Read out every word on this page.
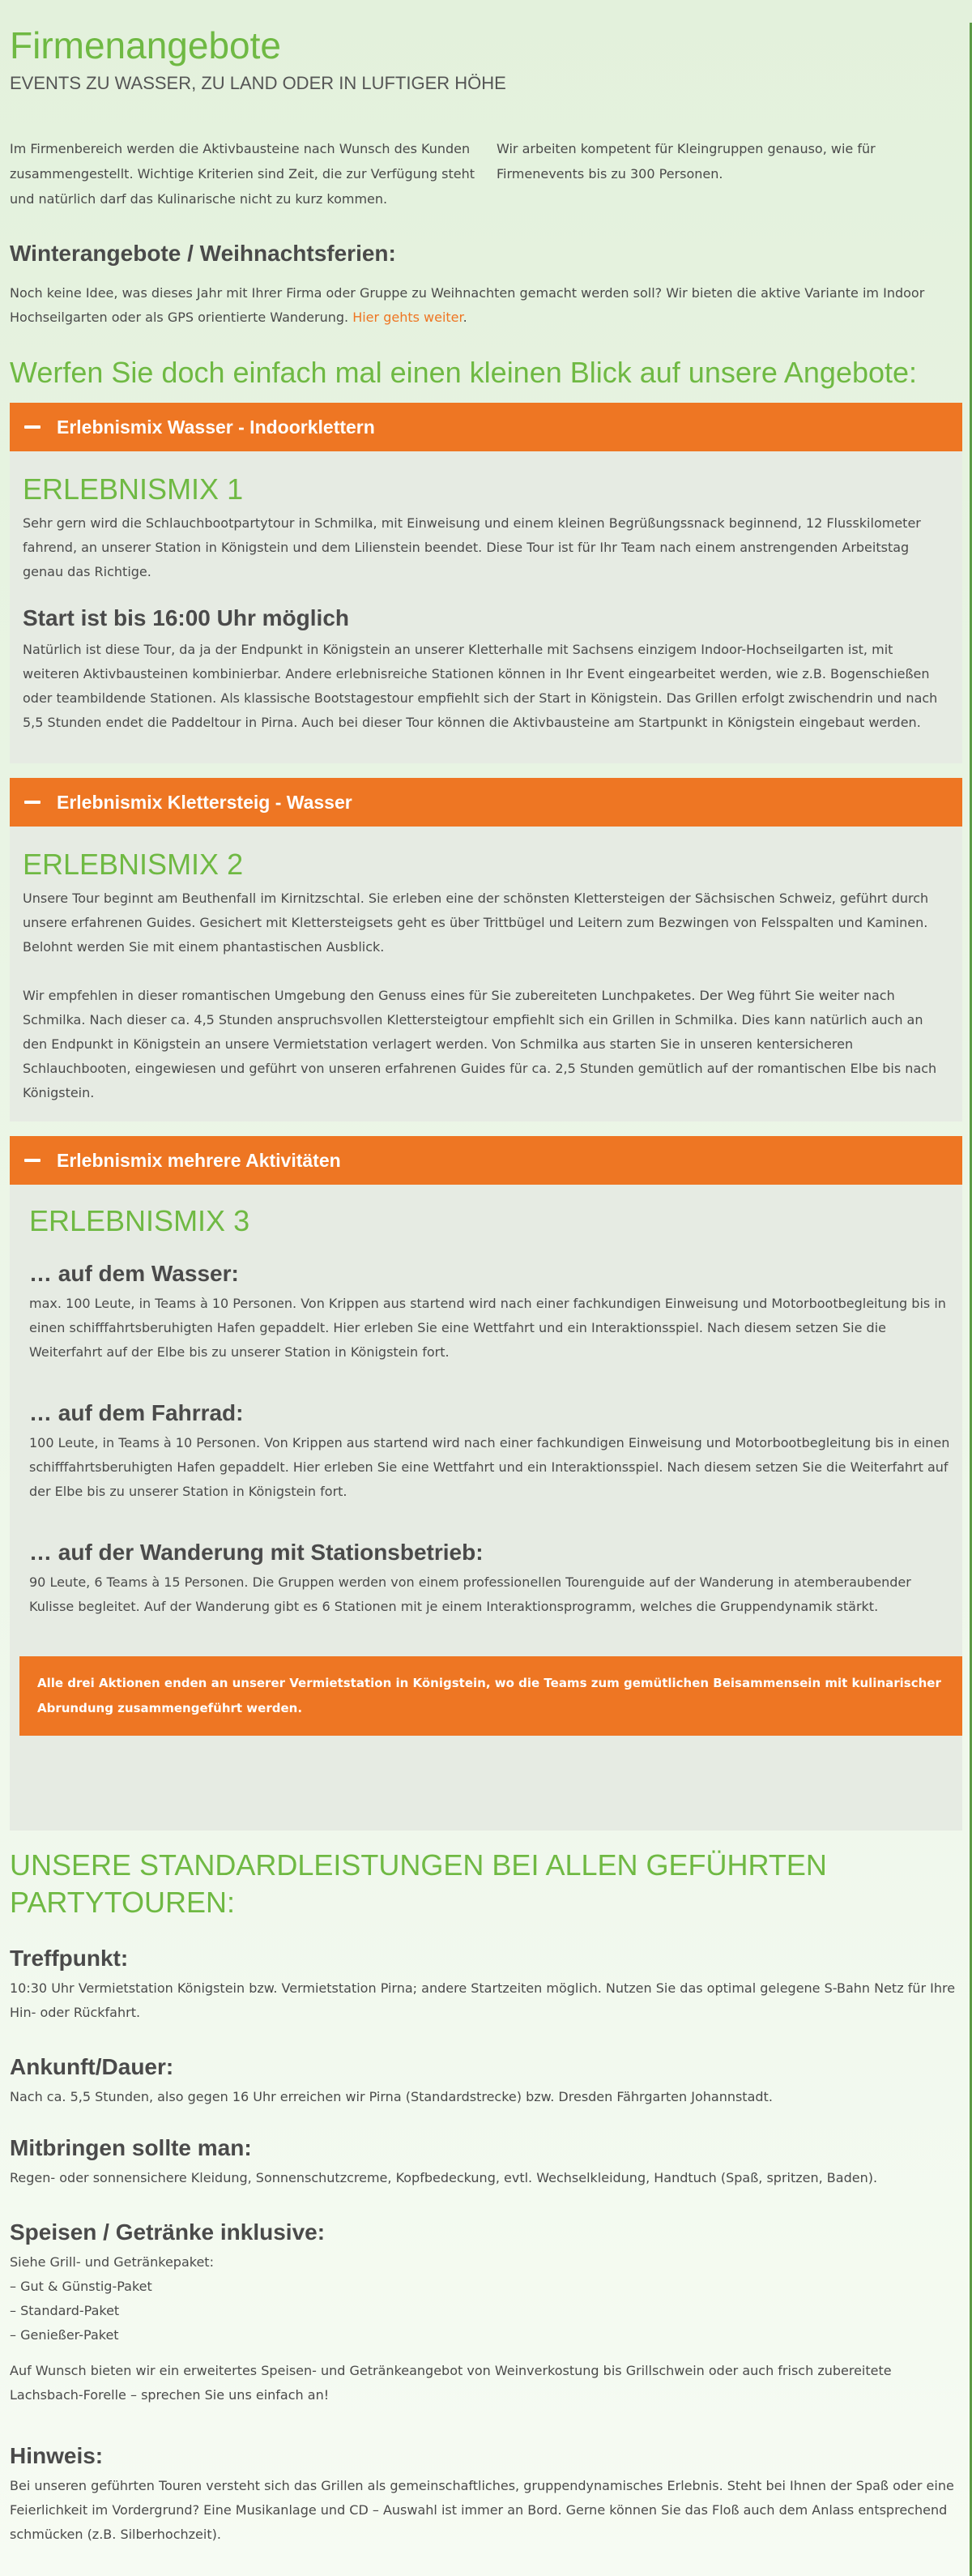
Firmenangebote
EVENTS ZU WASSER, ZU LAND ODER IN LUFTIGER HÖHE

Im Firmenbereich werden die Aktivbausteine nach Wunsch des Kunden zusammengestellt. Wichtige Kriterien sind Zeit, die zur Verfügung steht und natürlich darf das Kulinarische nicht zu kurz kommen.

Wir arbeiten kompetent für Kleingruppen genauso, wie für Firmenevents bis zu 300 Personen.

Winterangebote / Weihnachtsferien:

Noch keine Idee, was dieses Jahr mit Ihrer Firma oder Gruppe zu Weihnachten gemacht werden soll? Wir bieten die aktive Variante im Indoor Hochseilgarten oder als GPS orientierte Wanderung. Hier gehts weiter.

Werfen Sie doch einfach mal einen kleinen Blick auf unsere Angebote:
Erlebnismix Wasser - Indoorklettern
ERLEBNISMIX 1

Sehr gern wird die Schlauchbootpartytour in Schmilka, mit Einweisung und einem kleinen Begrüßungssnack beginnend, 12 Flusskilometer fahrend, an unserer Station in Königstein und dem Lilienstein beendet. Diese Tour ist für Ihr Team nach einem anstrengenden Arbeitstag genau das Richtige.

Start ist bis 16:00 Uhr möglich

Natürlich ist diese Tour, da ja der Endpunkt in Königstein an unserer Kletterhalle mit Sachsens einzigem Indoor-Hochseilgarten ist, mit weiteren Aktivbausteinen kombinierbar. Andere erlebnisreiche Stationen können in Ihr Event eingearbeitet werden, wie z.B. Bogenschießen oder teambildende Stationen. Als klassische Bootstagestour empfiehlt sich der Start in Königstein. Das Grillen erfolgt zwischendrin und nach 5,5 Stunden endet die Paddeltour in Pirna. Auch bei dieser Tour können die Aktivbausteine am Startpunkt in Königstein eingebaut werden.

Erlebnismix Klettersteig - Wasser
ERLEBNISMIX 2

Unsere Tour beginnt am Beuthenfall im Kirnitzschtal. Sie erleben eine der schönsten Klettersteigen der Sächsischen Schweiz, geführt durch unsere erfahrenen Guides. Gesichert mit Klettersteigsets geht es über Trittbügel und Leitern zum Bezwingen von Felsspalten und Kaminen. Belohnt werden Sie mit einem phantastischen Ausblick.

Wir empfehlen in dieser romantischen Umgebung den Genuss eines für Sie zubereiteten Lunchpaketes. Der Weg führt Sie weiter nach Schmilka. Nach dieser ca. 4,5 Stunden anspruchsvollen Klettersteigtour empfiehlt sich ein Grillen in Schmilka. Dies kann natürlich auch an den Endpunkt in Königstein an unsere Vermietstation verlagert werden. Von Schmilka aus starten Sie in unseren kentersicheren Schlauchbooten, eingewiesen und geführt von unseren erfahrenen Guides für ca. 2,5 Stunden gemütlich auf der romantischen Elbe bis nach Königstein.

Erlebnismix mehrere Aktivitäten
ERLEBNISMIX 3
… auf dem Wasser:

max. 100 Leute, in Teams à 10 Personen. Von Krippen aus startend wird nach einer fachkundigen Einweisung und Motorbootbegleitung bis in einen schifffahrtsberuhigten Hafen gepaddelt. Hier erleben Sie eine Wettfahrt und ein Interaktionsspiel. Nach diesem setzen Sie die Weiterfahrt auf der Elbe bis zu unserer Station in Königstein fort.

… auf dem Fahrrad:

100 Leute, in Teams à 10 Personen. Von Krippen aus startend wird nach einer fachkundigen Einweisung und Motorbootbegleitung bis in einen schifffahrtsberuhigten Hafen gepaddelt. Hier erleben Sie eine Wettfahrt und ein Interaktionsspiel. Nach diesem setzen Sie die Weiterfahrt auf der Elbe bis zu unserer Station in Königstein fort.

… auf der Wanderung mit Stationsbetrieb:

90 Leute, 6 Teams à 15 Personen. Die Gruppen werden von einem professionellen Tourenguide auf der Wanderung in atemberaubender Kulisse begleitet. Auf der Wanderung gibt es 6 Stationen mit je einem Interaktionsprogramm, welches die Gruppendynamik stärkt.

Alle drei Aktionen enden an unserer Vermietstation in Königstein, wo die Teams zum gemütlichen Beisammensein mit kulinarischer Abrundung zusammengeführt werden.
UNSERE STANDARDLEISTUNGEN BEI ALLEN GEFÜHRTEN PARTYTOUREN:
Treffpunkt:

10:30 Uhr Vermietstation Königstein bzw. Vermietstation Pirna; andere Startzeiten möglich. Nutzen Sie das optimal gelegene S-Bahn Netz für Ihre Hin- oder Rückfahrt.

Ankunft/Dauer:

Nach ca. 5,5 Stunden, also gegen 16 Uhr erreichen wir Pirna (Standardstrecke) bzw. Dresden Fährgarten Johannstadt.

Mitbringen sollte man:

Regen- oder sonnensichere Kleidung, Sonnenschutzcreme, Kopfbedeckung, evtl. Wechselkleidung, Handtuch (Spaß, spritzen, Baden).

Speisen / Getränke inklusive:

Siehe Grill- und Getränkepaket:

– Gut & Günstig-Paket

– Standard-Paket

– Genießer-Paket

Auf Wunsch bieten wir ein erweitertes Speisen- und Getränkeangebot von Weinverkostung bis Grillschwein oder auch frisch zubereitete Lachsbach-Forelle – sprechen Sie uns einfach an!

Hinweis:

Bei unseren geführten Touren versteht sich das Grillen als gemeinschaftliches, gruppendynamisches Erlebnis. Steht bei Ihnen der Spaß oder eine Feierlichkeit im Vordergrund? Eine Musikanlage und CD – Auswahl ist immer an Bord. Gerne können Sie das Floß auch dem Anlass entsprechend schmücken (z.B. Silberhochzeit).
